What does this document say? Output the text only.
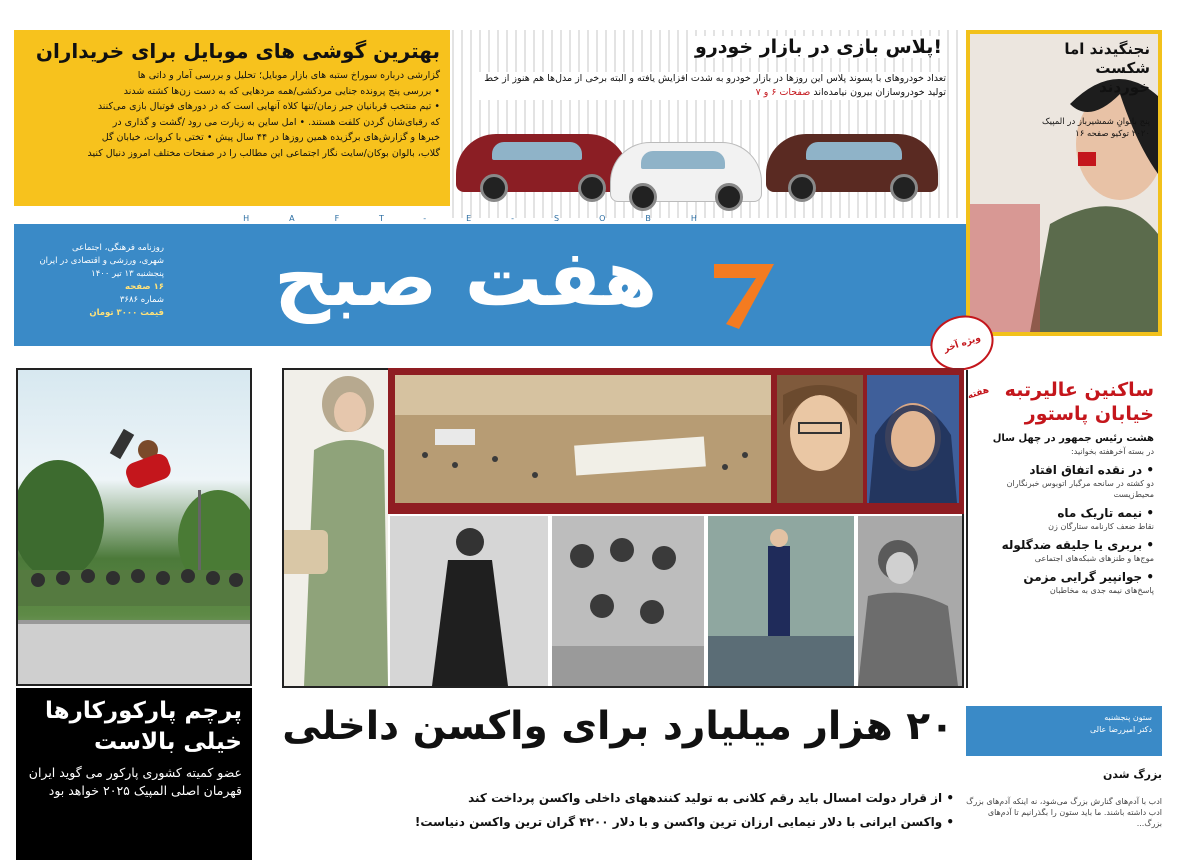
بهترین گوشی های موبایل برای خریداران

گزارشی درباره سوراخ ستبه های بازار موبایل؛ تحلیل و بررسی آمار و داتی ها

• بررسی پنج پرونده جنایی مردکشی/همه مردهایی که به دست زن‌ها کشته شدند

• تیم منتخب قربانیان جبر زمان/تنها کلاه آنهایی است که در دورهای فوتبال بازی می‌کنند

که رقبای‌شان گردن کلفت هستند. • امل ساین به زیارت می رود /گشت و گذاری در

خبرها و گزارش‌های برگزیده همین روزها در ۴۴ سال پیش • تختی با کروات، خیابان گل

گلاب، بالوان بوکان/سایت نگار اجتماعی این مطالب را در صفحات مختلف امروز دنبال کنید

!پلاس بازی در بازار خودرو
تعداد خودروهای با پسوند پلاس این روزها در بازار خودرو به شدت افزایش یافته و البته برخی از مدل‌ها هم هنوز از خط تولید خودروسازان بیرون نیامده‌اند صفحات ۶ و ۷
نجنگیدند اما شکست خوردند
پنج بانوانِ شمشیرباز در المپیک ۲۰۲۰ توکیو صفحه ۱۶
HAFT-E-SOBH
روزنامه فرهنگی، اجتماعی
شهری، ورزشی و اقتصادی در ایران
پنجشنبه ۱۳ تیر ۱۴۰۰
۱۶ صفحه
شماره ۳۶۸۶
قیمت ۳۰۰۰ تومان هفت صبح
ویژه آخر هفته
پرچم پارکورکارها
خیلی بالاست
عضو کمیته کشوری پارکور می گوید ایران قهرمان اصلی المپیک ۲۰۲۵ خواهد بود
ساکنین عالیرتبه خیابان پاستور
هشت رئیس جمهور در چهل سال
در بسته آخرهفته بخوانید:
• در نقده اتفاق افتاد
دو کشته در سانحه مرگبار اتوبوس خبرنگاران محیط‌زیست
• نیمه تاریک ماه
نقاط ضعف کارنامه ستارگان زن
• بربری یا جلیقه ضدگلوله
موج‌ها و طنزهای شبکه‌های اجتماعی
• جوانپیر گرایی مزمن
پاسخ‌های نیمه جدی به مخاطبان
۲۰ هزار میلیارد برای واکسن داخلی
• از قرار دولت امسال باید رقم کلانی به تولید کنندههای داخلی واکسن پرداخت کند
• واکسن ایرانی با دلار نیمایی ارزان ترین واکسن و با دلار ۴۲۰۰ گران ترین واکسن دنیاست!
ستون پنجشنبه
دکتر امیررضا عالی
بزرگ شدن
ادب با آدم‌های گنارش بزرگ می‌شود، نه اینکه آدم‌های بزرگ ادب داشته باشند. ما باید ستون را بگذرانیم تا آدم‌های بزرگ...
